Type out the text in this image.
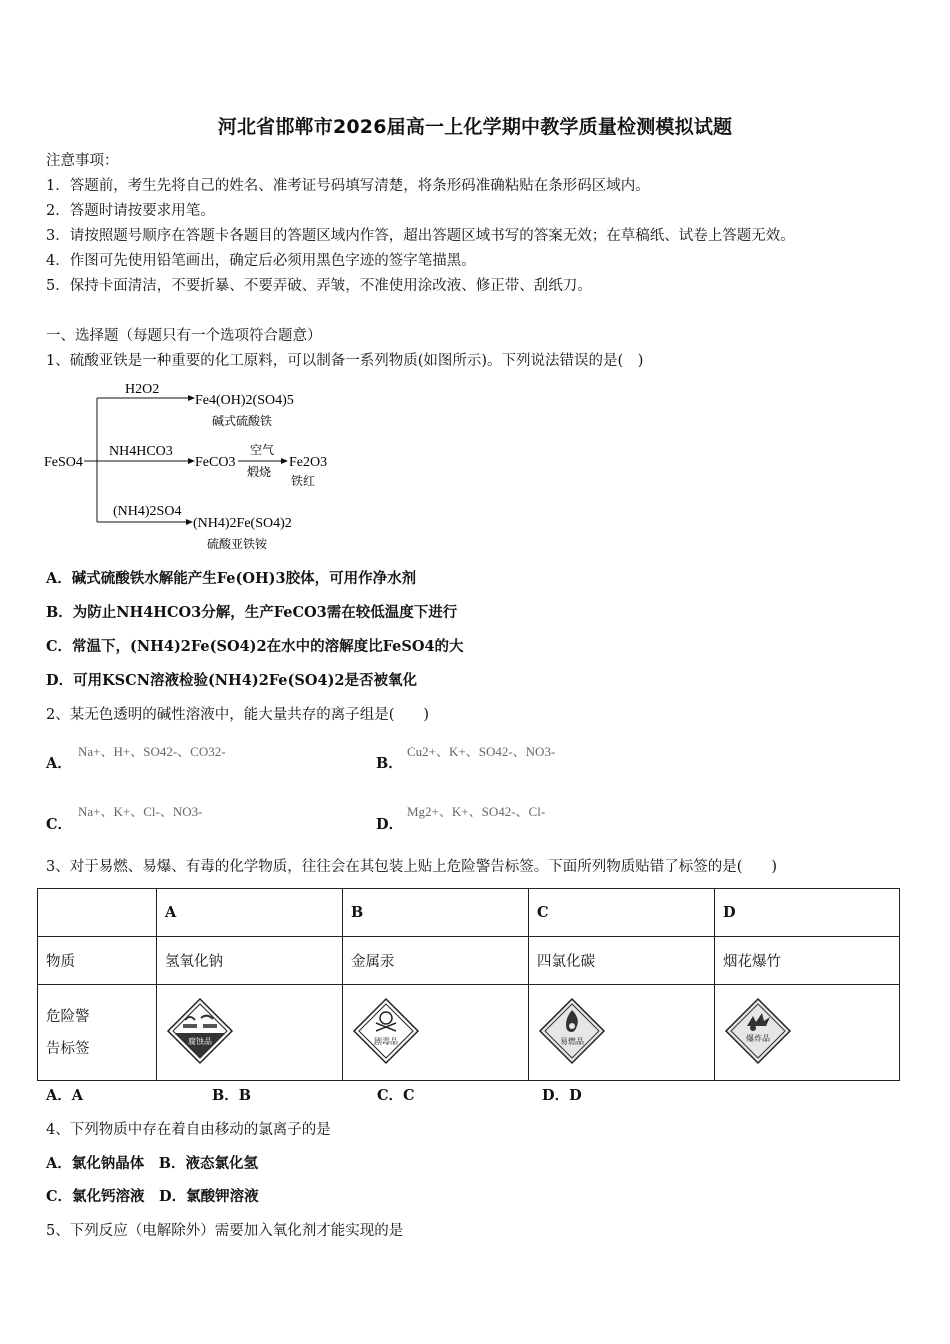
河北省邯郸市2026届高一上化学期中教学质量检测模拟试题
注意事项：
1．答题前，考生先将自己的姓名、准考证号码填写清楚，将条形码准确粘贴在条形码区域内。
2．答题时请按要求用笔。
3．请按照题号顺序在答题卡各题目的答题区域内作答，超出答题区域书写的答案无效；在草稿纸、试卷上答题无效。
4．作图可先使用铅笔画出，确定后必须用黑色字迹的签字笔描黑。
5．保持卡面清洁，不要折暴、不要弄破、弄皱，不准使用涂改液、修正带、刮纸刀。
一、选择题（每题只有一个选项符合题意）
1、硫酸亚铁是一种重要的化工原料，可以制备一系列物质(如图所示)。下列说法错误的是(　)
FeSO4
H2O2
Fe4(OH)2(SO4)5
碱式硫酸铁
NH4HCO3
FeCO3
空气
煅烧
Fe2O3
铁红
(NH4)2SO4
(NH4)2Fe(SO4)2
硫酸亚铁铵
A．碱式硫酸铁水解能产生Fe(OH)3胶体，可用作净水剂
B．为防止NH4HCO3分解，生产FeCO3需在较低温度下进行
C．常温下，(NH4)2Fe(SO4)2在水中的溶解度比FeSO4的大
D．可用KSCN溶液检验(NH4)2Fe(SO4)2是否被氧化
2、某无色透明的碱性溶液中，能大量共存的离子组是(　　)
A．
Na+、H+、SO42-、CO32-
B．
Cu2+、K+、SO42-、NO3-
C．
Na+、K+、Cl-、NO3-
D．
Mg2+、K+、SO42-、Cl-
3、对于易燃、易爆、有毒的化学物质，往往会在其包装上贴上危险警告标签。下面所列物质贴错了标签的是(　　)
	A	B	C	D
物质	氢氧化钠	金属汞	四氯化碳	烟花爆竹

危险警
告标签	腐蚀品	剧毒品	易燃品	爆炸品
A．A	B．B	C．C	D．D
4、下列物质中存在着自由移动的氯离子的是
A．氯化钠晶体　B．液态氯化氢
C．氯化钙溶液　D．氯酸钾溶液
5、下列反应（电解除外）需要加入氧化剂才能实现的是
